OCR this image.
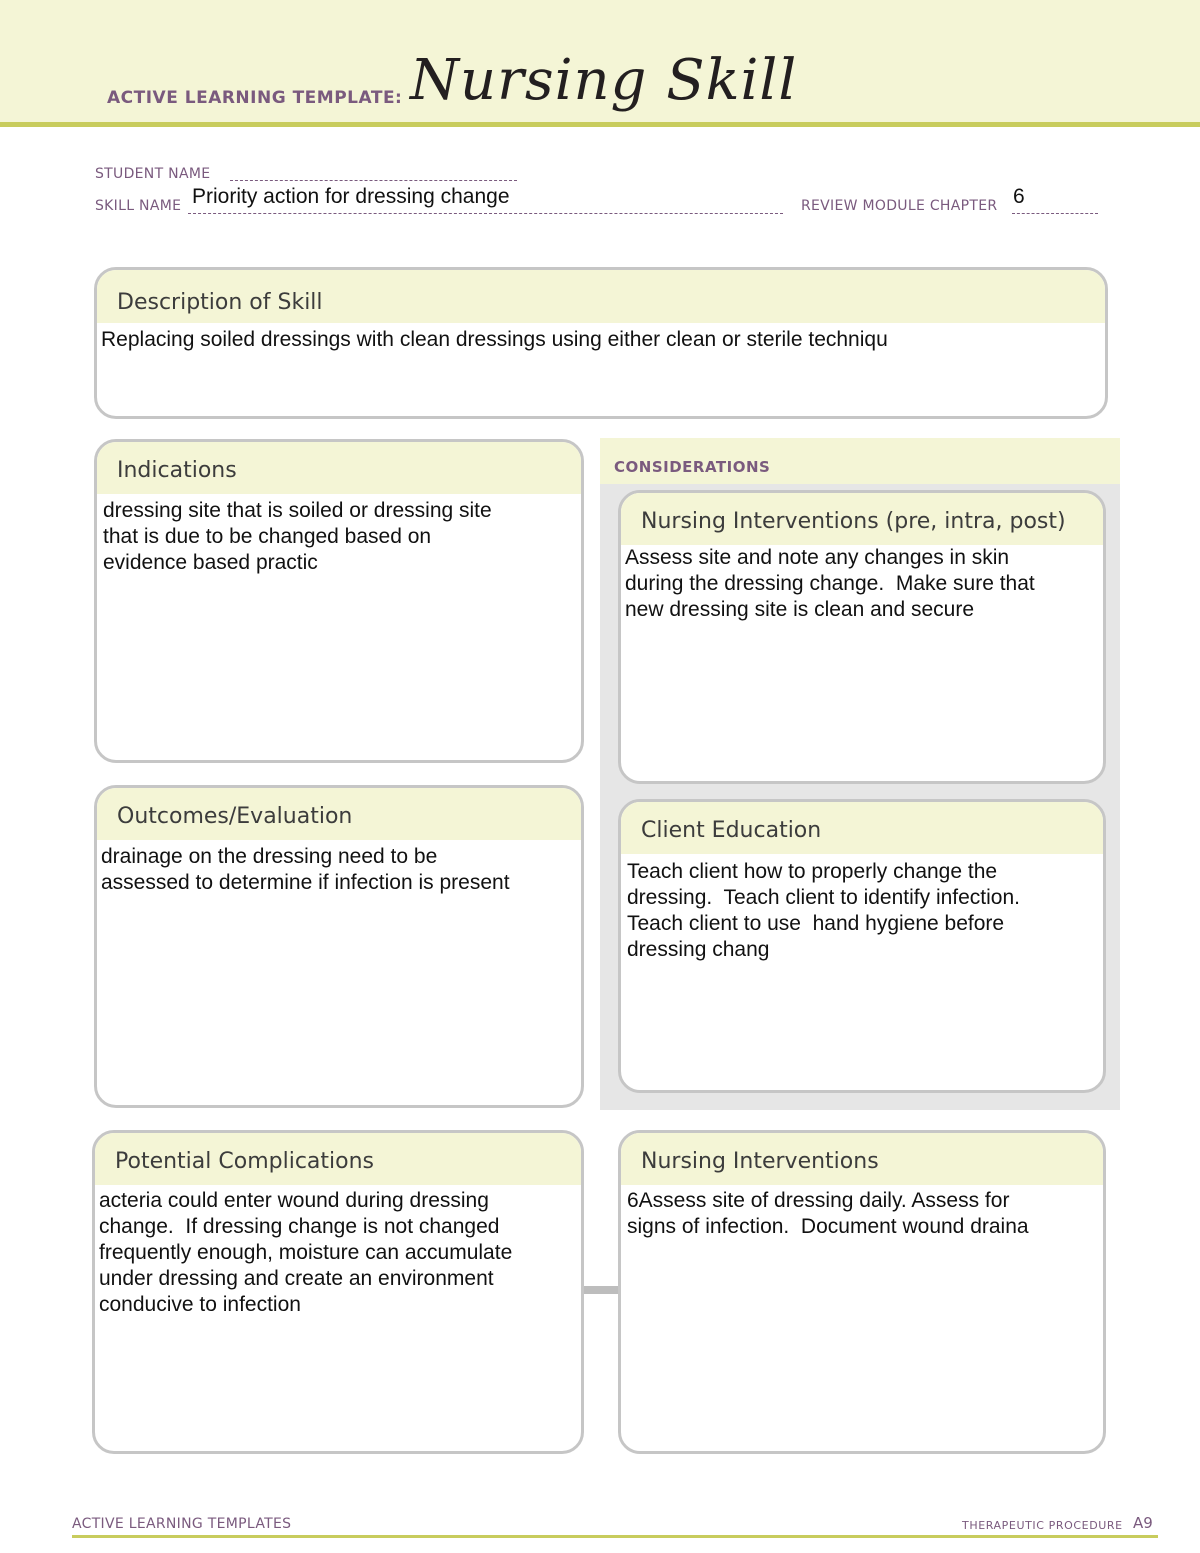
ACTIVE LEARNING TEMPLATE: Nursing Skill
STUDENT NAME
SKILL NAME Priority action for dressing change	REVIEW MODULE CHAPTER 6
Description of Skill
Replacing soiled dressings with clean dressings using either clean or sterile techniqu
CONSIDERATIONS
Indications
dressing site that is soiled or dressing site
that is due to be changed based on
evidence based practic
Nursing Interventions (pre, intra, post)
Assess site and note any changes in skin
during the dressing change.  Make sure that
new dressing site is clean and secure
Outcomes/Evaluation
drainage on the dressing need to be
assessed to determine if infection is present
Client Education
Teach client how to properly change the
dressing.  Teach client to identify infection.
Teach client to use  hand hygiene before
dressing chang
Potential Complications
acteria could enter wound during dressing
change.  If dressing change is not changed
frequently enough, moisture can accumulate
under dressing and create an environment
conducive to infection
Nursing Interventions
6Assess site of dressing daily. Assess for
signs of infection.  Document wound draina
ACTIVE LEARNING TEMPLATES	THERAPEUTIC PROCEDURE A9
